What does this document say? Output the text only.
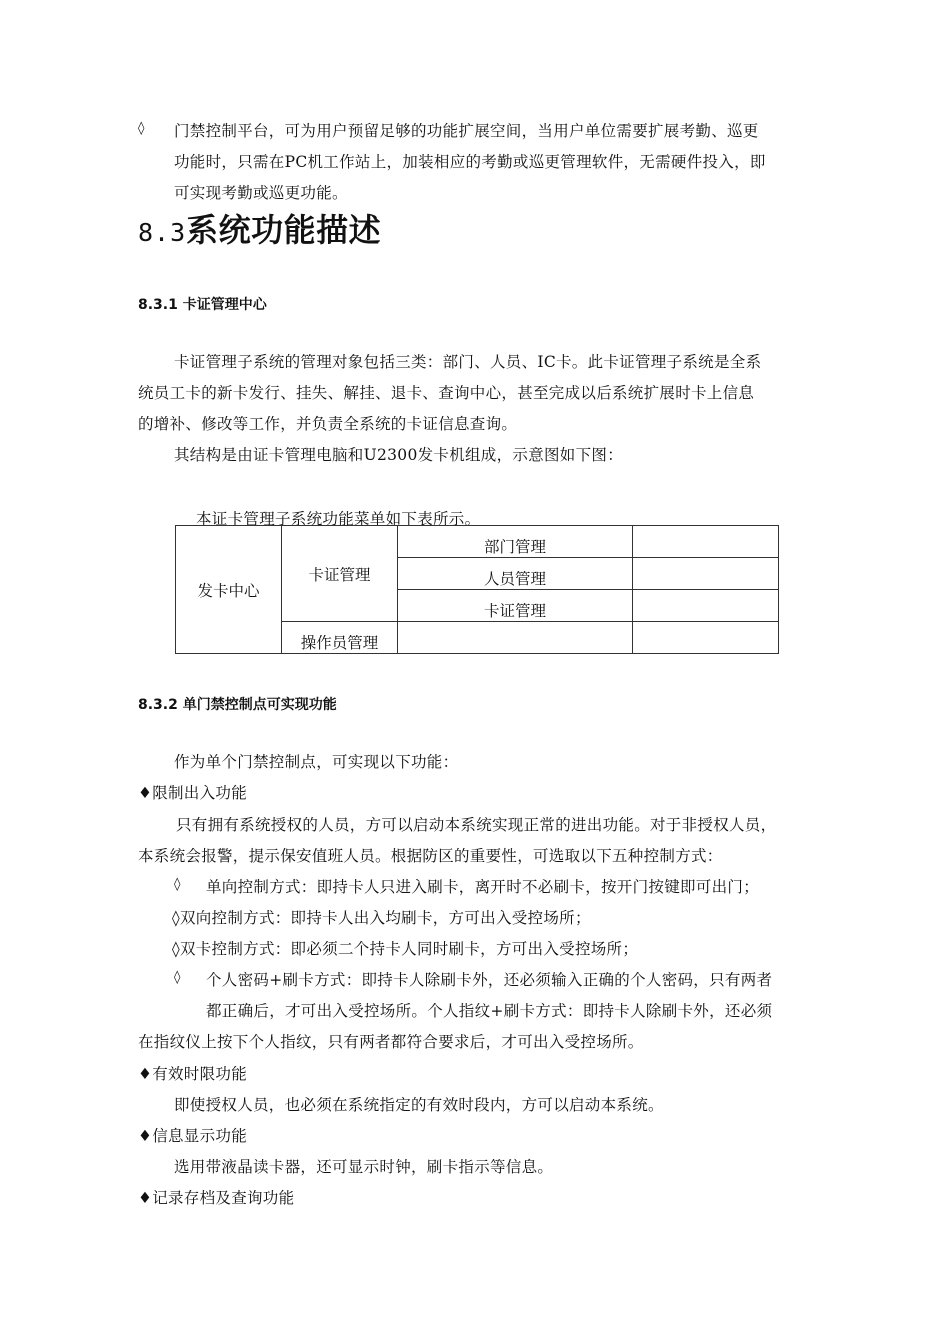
◊ 门禁控制平台，可为用户预留足够的功能扩展空间，当用户单位需要扩展考勤、巡更
功能时，只需在PC机工作站上，加装相应的考勤或巡更管理软件，无需硬件投入，即
可实现考勤或巡更功能。
8.3系统功能描述
8.3.1 卡证管理中心
卡证管理子系统的管理对象包括三类：部门、人员、IC卡。此卡证管理子系统是全系
统员工卡的新卡发行、挂失、解挂、退卡、查询中心，甚至完成以后系统扩展时卡上信息
的增补、修改等工作，并负责全系统的卡证信息查询。
其结构是由证卡管理电脑和U2300发卡机组成，示意图如下图：
本证卡管理子系统功能菜单如下表所示。
发卡中心	卡证管理	部门管理	
		人员管理	
		卡证管理	
	操作员管理		
8.3.2 单门禁控制点可实现功能
作为单个门禁控制点，可实现以下功能：
♦限制出入功能
只有拥有系统授权的人员，方可以启动本系统实现正常的进出功能。对于非授权人员，
本系统会报警，提示保安值班人员。根据防区的重要性，可选取以下五种控制方式：
◊ 单向控制方式：即持卡人只进入刷卡，离开时不必刷卡，按开门按键即可出门；
◊双向控制方式：即持卡人出入均刷卡，方可出入受控场所；
◊双卡控制方式：即必须二个持卡人同时刷卡，方可出入受控场所；
◊ 个人密码+刷卡方式：即持卡人除刷卡外，还必须输入正确的个人密码，只有两者
都正确后，才可出入受控场所。个人指纹+刷卡方式：即持卡人除刷卡外，还必须
在指纹仪上按下个人指纹，只有两者都符合要求后，才可出入受控场所。
♦有效时限功能
即使授权人员，也必须在系统指定的有效时段内，方可以启动本系统。
♦信息显示功能
选用带液晶读卡器，还可显示时钟，刷卡指示等信息。
♦记录存档及查询功能
